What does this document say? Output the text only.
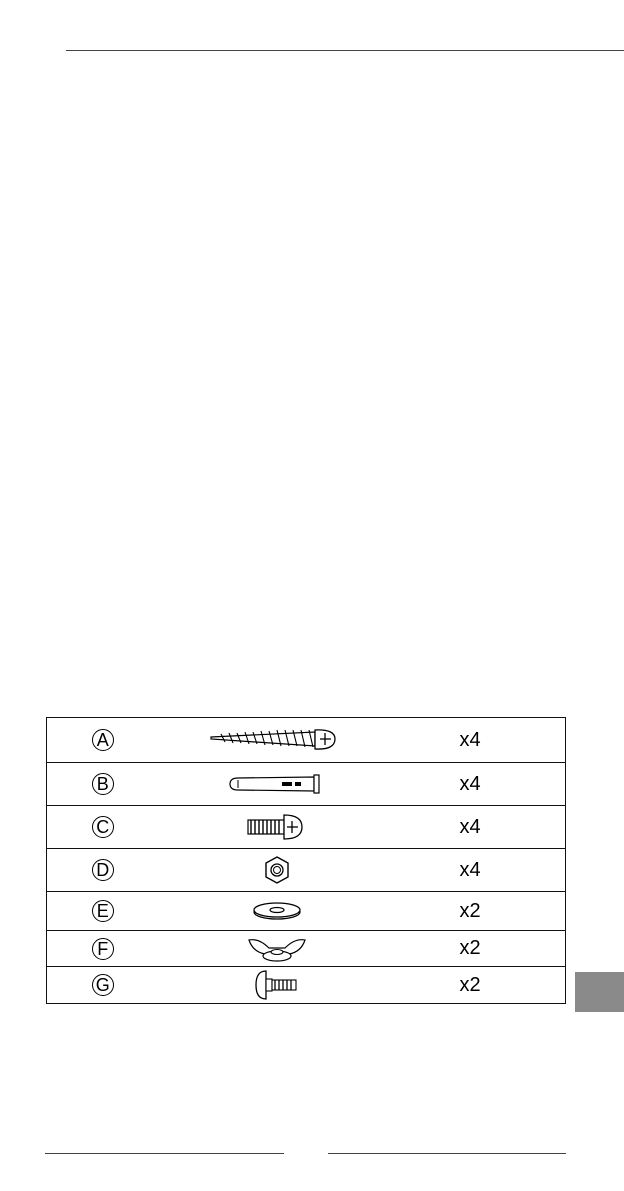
A	x4
B	x4
C	x4
D	x4
E	x2
F	x2
G	x2
